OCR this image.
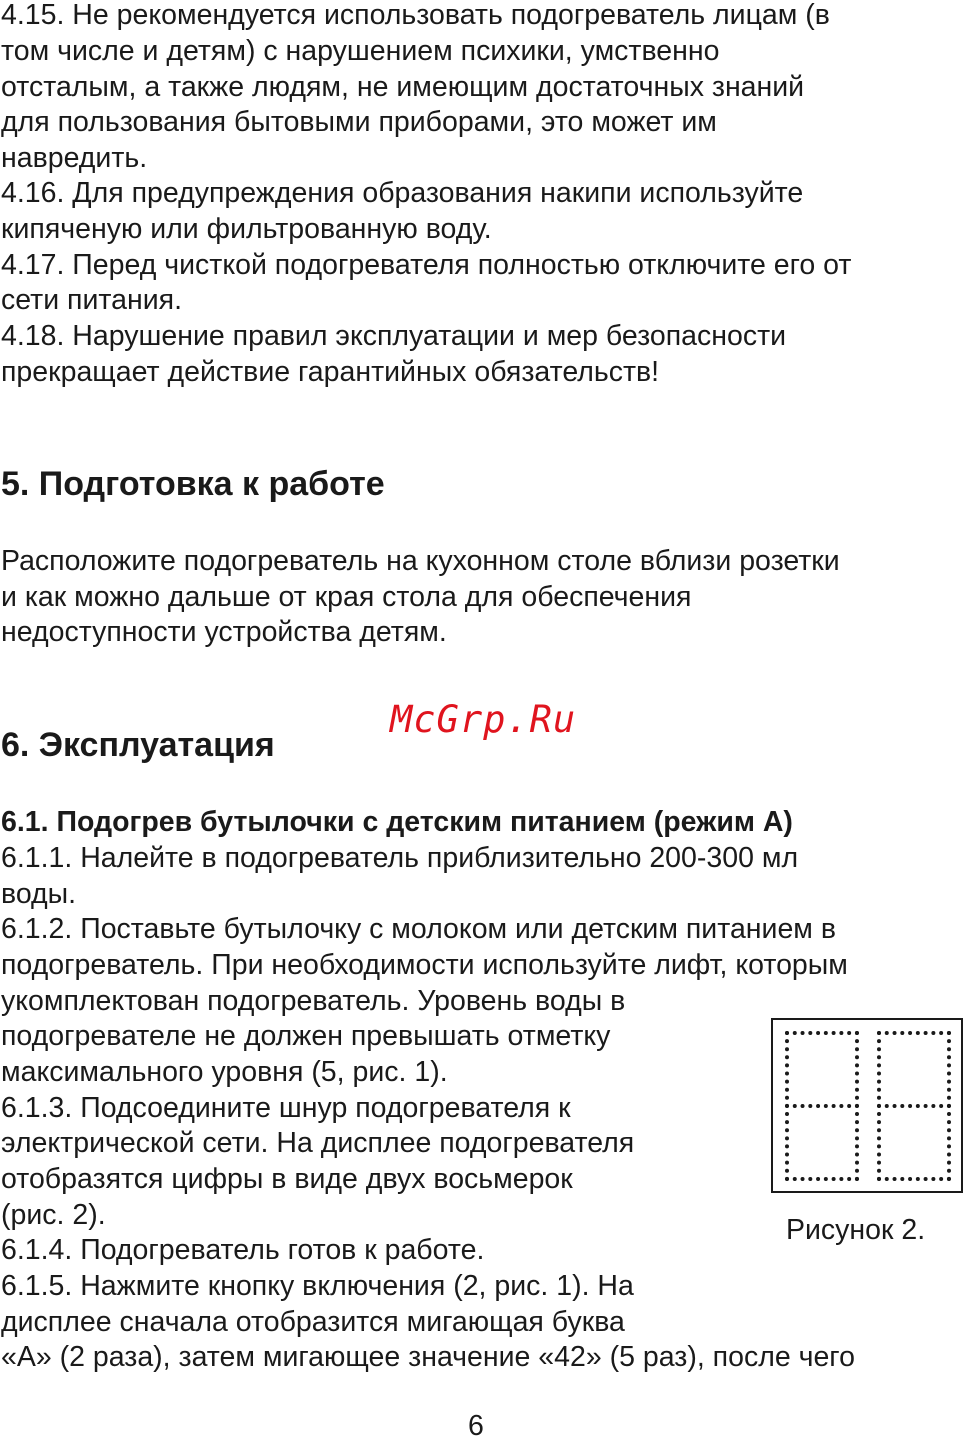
4.15. Не рекомендуется использовать подогреватель лицам (в

том числе и детям) с нарушением психики, умственно

отсталым, а также людям, не имеющим достаточных знаний

для пользования бытовыми приборами, это может им

навредить.

4.16. Для предупреждения образования накипи используйте

кипяченую или фильтрованную воду.

4.17. Перед чисткой подогревателя полностью отключите его от

сети питания.

4.18. Нарушение правил эксплуатации и мер безопасности

прекращает действие гарантийных обязательств!

5. Подготовка к работе

Расположите подогреватель на кухонном столе вблизи розетки

и как можно дальше от края стола для обеспечения

недоступности устройства детям.

6. Эксплуатация
McGrp.Ru
6.1. Подогрев бутылочки с детским питанием (режим А)

6.1.1. Налейте в подогреватель приблизительно 200-300 мл

воды.

6.1.2. Поставьте бутылочку с молоком или детским питанием в

подогреватель. При необходимости используйте лифт, которым

укомплектован подогреватель. Уровень воды в

подогревателе не должен превышать отметку

максимального уровня (5, рис. 1).

6.1.3. Подсоедините шнур подогревателя к

электрической сети. На дисплее подогревателя

отобразятся цифры в виде двух восьмерок

(рис. 2).

6.1.4. Подогреватель готов к работе.

6.1.5. Нажмите кнопку включения (2, рис. 1). На

дисплее сначала отобразится мигающая буква

«А» (2 раза), затем мигающее значение «42» (5 раз), после чего

Рисунок 2.
6
